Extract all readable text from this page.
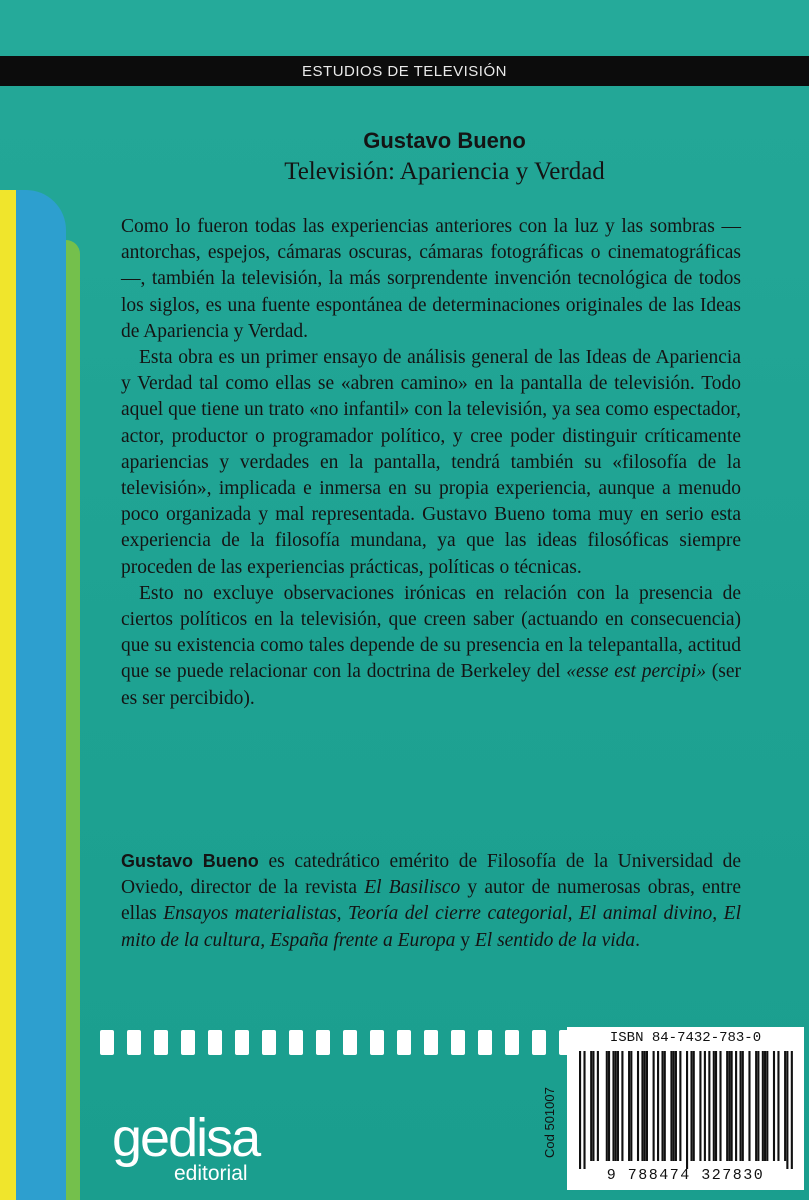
ESTUDIOS DE TELEVISIÓN
Gustavo Bueno
Televisión: Apariencia y Verdad

Como lo fueron todas las experiencias anteriores con la luz y las sombras —antorchas, espejos, cámaras oscuras, cámaras fotográficas o cinematográficas—, también la televisión, la más sorprendente invención tecnológica de todos los siglos, es una fuente espontánea de determinaciones originales de las Ideas de Apariencia y Verdad.

Esta obra es un primer ensayo de análisis general de las Ideas de Apariencia y Verdad tal como ellas se «abren camino» en la pantalla de televisión. Todo aquel que tiene un trato «no infantil» con la televisión, ya sea como espectador, actor, productor o programador político, y cree poder distinguir críticamente apariencias y verdades en la pantalla, tendrá también su «filosofía de la televisión», implicada e inmersa en su propia experiencia, aunque a menudo poco organizada y mal representada. Gustavo Bueno toma muy en serio esta experiencia de la filosofía mundana, ya que las ideas filosóficas siempre proceden de las experiencias prácticas, políticas o técnicas.

Esto no excluye observaciones irónicas en relación con la presencia de ciertos políticos en la televisión, que creen saber (actuando en consecuencia) que su existencia como tales depende de su presencia en la telepantalla, actitud que se puede relacionar con la doctrina de Berkeley del «esse est percipi» (ser es ser percibido).

Gustavo Bueno es catedrático emérito de Filosofía de la Universidad de Oviedo, director de la revista El Basilisco y autor de numerosas obras, entre ellas Ensayos materialistas, Teoría del cierre categorial, El animal divino, El mito de la cultura, España frente a Europa y El sentido de la vida.
gedisa
editorial
Cod 501007
ISBN 84-7432-783-0
9 788474 327830
